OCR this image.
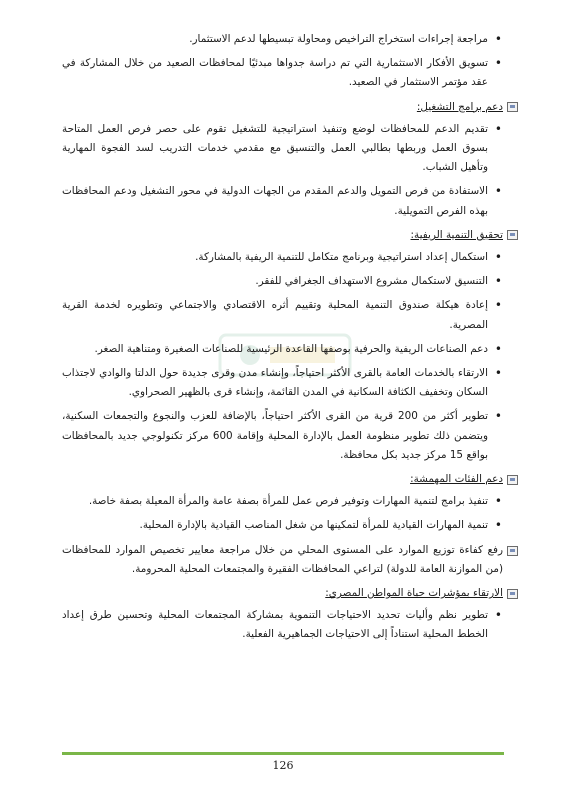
• مراجعة إجراءات استخراج التراخيص ومحاولة تبسيطها لدعم الاستثمار.
• تسويق الأفكار الاستثمارية التي تم دراسة جدواها مبدئيًا لمحافظات الصعيد من خلال المشاركة في عقد مؤتمر الاستثمار في الصعيد.
دعم برامج التشغيل:
• تقديم الدعم للمحافظات لوضع وتنفيذ استراتيجية للتشغيل تقوم على حصر فرص العمل المتاحة بسوق العمل وربطها بطالبي العمل والتنسيق مع مقدمي خدمات التدريب لسد الفجوة المهارية وتأهيل الشباب.
• الاستفادة من فرص التمويل والدعم المقدم من الجهات الدولية في محور التشغيل ودعم المحافظات بهذه الفرص التمويلية.
تحقيق التنمية الريفية:
• استكمال إعداد استراتيجية وبرنامج متكامل للتنمية الريفية بالمشاركة.
• التنسيق لاستكمال مشروع الاستهداف الجغرافي للفقر.
• إعادة هيكلة صندوق التنمية المحلية وتقييم أثره الاقتصادي والاجتماعي وتطويره لخدمة القرية المصرية.
• دعم الصناعات الريفية والحرفية بوصفها القاعدة الرئيسية للصناعات الصغيرة ومتناهية الصغر.
• الارتقاء بالخدمات العامة بالقرى الأكثر احتياجاً، وإنشاء مدن وقرى جديدة حول الدلتا والوادي لاجتذاب السكان وتخفيف الكثافة السكانية في المدن القائمة، وإنشاء قرى بالظهير الصحراوي.
• تطوير أكثر من 200 قرية من القرى الأكثر احتياجاً، بالإضافة للعزب والنجوع والتجمعات السكنية، ويتضمن ذلك تطوير منظومة العمل بالإدارة المحلية وإقامة 600 مركز تكنولوجي جديد بالمحافظات بواقع 15 مركز جديد بكل محافظة.
دعم الفئات المهمشة:
• تنفيذ برامج لتنمية المهارات وتوفير فرص عمل للمرأة بصفة عامة والمرأة المعيلة بصفة خاصة.
• تنمية المهارات القيادية للمرأة لتمكينها من شغل المناصب القيادية بالإدارة المحلية.
رفع كفاءة توزيع الموارد على المستوى المحلي من خلال مراجعة معايير تخصيص الموارد للمحافظات (من الموازنة العامة للدولة) لتراعي المحافظات الفقيرة والمجتمعات المحلية المحرومة.
الارتقاء بمؤشرات حياة المواطن المصري:
• تطوير نظم وأليات تحديد الاحتياجات التنموية بمشاركة المجتمعات المحلية وتحسين طرق إعداد الخطط المحلية استناداً إلى الاحتياجات الجماهيرية الفعلية.
126
